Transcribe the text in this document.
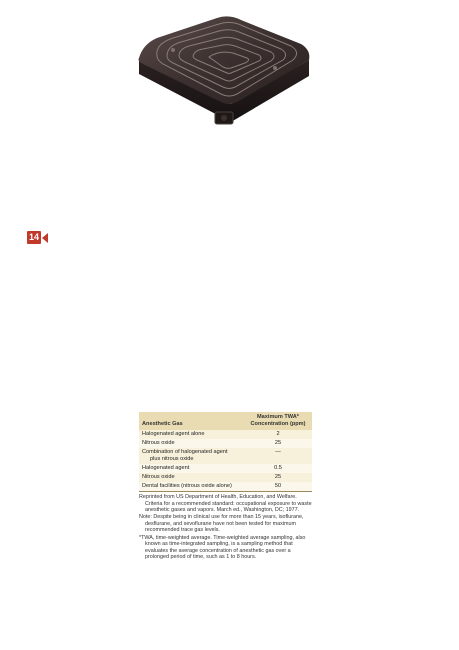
14
Anesthetic Gas	Maximum TWA*
Concentration (ppm)
Halogenated agent alone	2
Nitrous oxide	25
Combination of halogenated agent
plus nitrous oxide	—
Halogenated agent	0.5
Nitrous oxide	25
Dental facilities (nitrous oxide alone)	50

Reprinted from US Department of Health, Education, and Welfare. Criteria for a recommended standard: occupational exposure to waste anesthetic gases and vapors. March ed., Washington, DC; 1977.

Note: Despite being in clinical use for more than 15 years, isoflurane, desflurane, and sevoflurane have not been tested for maximum recommended trace gas levels.

*TWA, time-weighted average. Time-weighted average sampling, also known as time-integrated sampling, is a sampling method that evaluates the average concentration of anesthetic gas over a prolonged period of time, such as 1 to 8 hours.
